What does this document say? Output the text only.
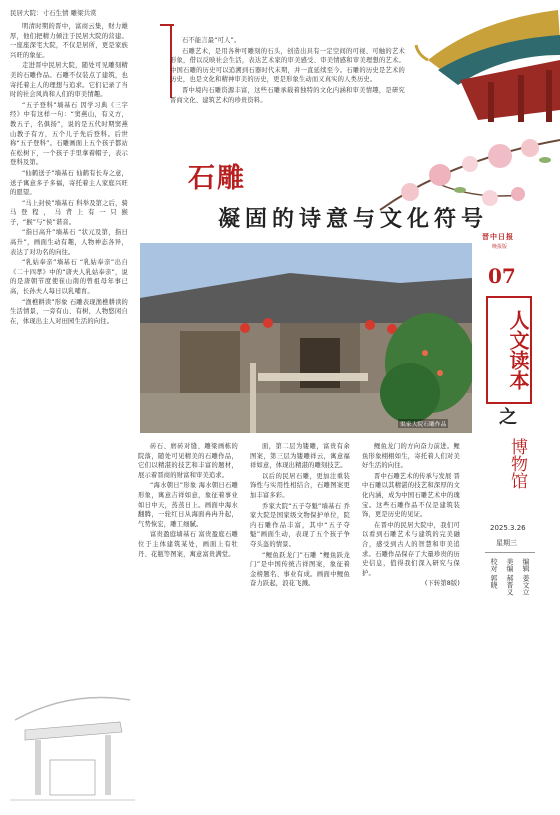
民居大院：寸石生情 雕梁共赏

明清时期的晋中，富商云集，财力雄厚，他们把精力倾注于民居大院的营建。一座座深宅大院，不仅是居所，更是家族兴旺的象征。

走进晋中民居大院，随处可见雕刻精美的石雕作品。石雕不仅装点了建筑，也寄托着主人的理想与追求。它们记录了当时的社会风尚和人们的审美情趣。

“五子登科”墙基石 因学习典《三字经》中有这样一句：“窦燕山，有义方，教五子，名俱扬”，说的是五代时期窦燕山教子有方，五个儿子先后登科。后世称“五子登科”。石雕画面上五个孩子都站在松树下，一个孩子手里拿着帽子，表示登科及第。

“仙鹤送子”墙基石 仙鹤有长寿之意，送子寓意多子多福，寄托着主人家庭兴旺的愿望。

“马上封侯”墙基石 科举及第之后，骑马登程，马背上有一只猴子，“猴”与“侯”谐音。

“指日高升”墙基石 “状元及第，指日高升”，画面生动有趣，人物神态各异，表达了对功名的向往。

“乳姑奉亲”墙基石 “乳姑奉亲”出自《二十四孝》中的“唐夫人乳姑奉亲”，说的是唐朝节度使崔山南的曾祖母年事已高，长孙夫人每日以乳哺育。

“渔樵耕读”形象 石雕表现渔樵耕读的生活情景，一旁有山、有树，人物悠闲自在，体现出主人对田园生活的向往。

石不能言最“可人”。

石雕艺术，是用各种可雕刻的石头，创造出具有一定空间的可视、可触的艺术形象，借以反映社会生活，表达艺术家的审美感受、审美情感和审美理想的艺术。中国石雕的历史可以追溯到石器时代末期，并一直延续至今。石雕的历史是艺术的历史，也是文化和精神审美的历史，更是形象生动而又真实的人类历史。

晋中境内石雕资源丰富，这些石雕承载着独特的文化内涵和审美情趣，是研究晋商文化、建筑艺术的珍贵资料。

石雕
凝固的诗意与文化符号
渠家大院石雕作品

砖石、磨砖对缝、雕梁画栋的院落，随处可见精美的石雕作品，它们以精湛的技艺和丰富的题材，展示着晋商的财富和审美追求。

“海水朝日”形象 海水朝日石雕形象，寓意吉祥如意，象征着事业如日中天，蒸蒸日上。画面中海水翻腾，一轮红日从海面冉冉升起，气势恢宏，雕工细腻。

富贵盈庭墙基石 富贵盈庭石雕位于主体建筑某处，画面上有牡丹、花瓶等图案，寓意富贵满堂。

面，第二层为镂雕，富贵有余图案，第三层为镂雕祥云，寓意福祥如意，体现出精湛的雕刻技艺。

以后的民居石雕，更加注重装饰性与实用性相结合，石雕图案更加丰富多彩。

乔家大院“五子夺魁”墙基石 乔家大院是国家级文物保护单位，院内石雕作品丰富，其中“五子夺魁”画面生动，表现了五个孩子争夺头盔的情景。

“鲤鱼跃龙门”石雕 “鲤鱼跃龙门”是中国传统吉祥图案，象征着金榜题名、事业有成。画面中鲤鱼奋力跃起，浪花飞溅。

鲤鱼龙门的方向奋力前进。鲤鱼形象栩栩如生，寄托着人们对美好生活的向往。

晋中石雕艺术的传承与发展 晋中石雕以其精湛的技艺和深厚的文化内涵，成为中国石雕艺术中的瑰宝。这些石雕作品不仅是建筑装饰，更是历史的见证。

在晋中的民居大院中，我们可以看到石雕艺术与建筑的完美融合，感受到古人的智慧和审美追求。石雕作品保存了大量珍贵的历史信息，值得我们深入研究与保护。

(下转第8版)

晋中日报
晚报版
07
人文读本
之
博物馆
2025.3.26
星期三
编辑 姜文立
美编 郝晋义
校对 郭晓
